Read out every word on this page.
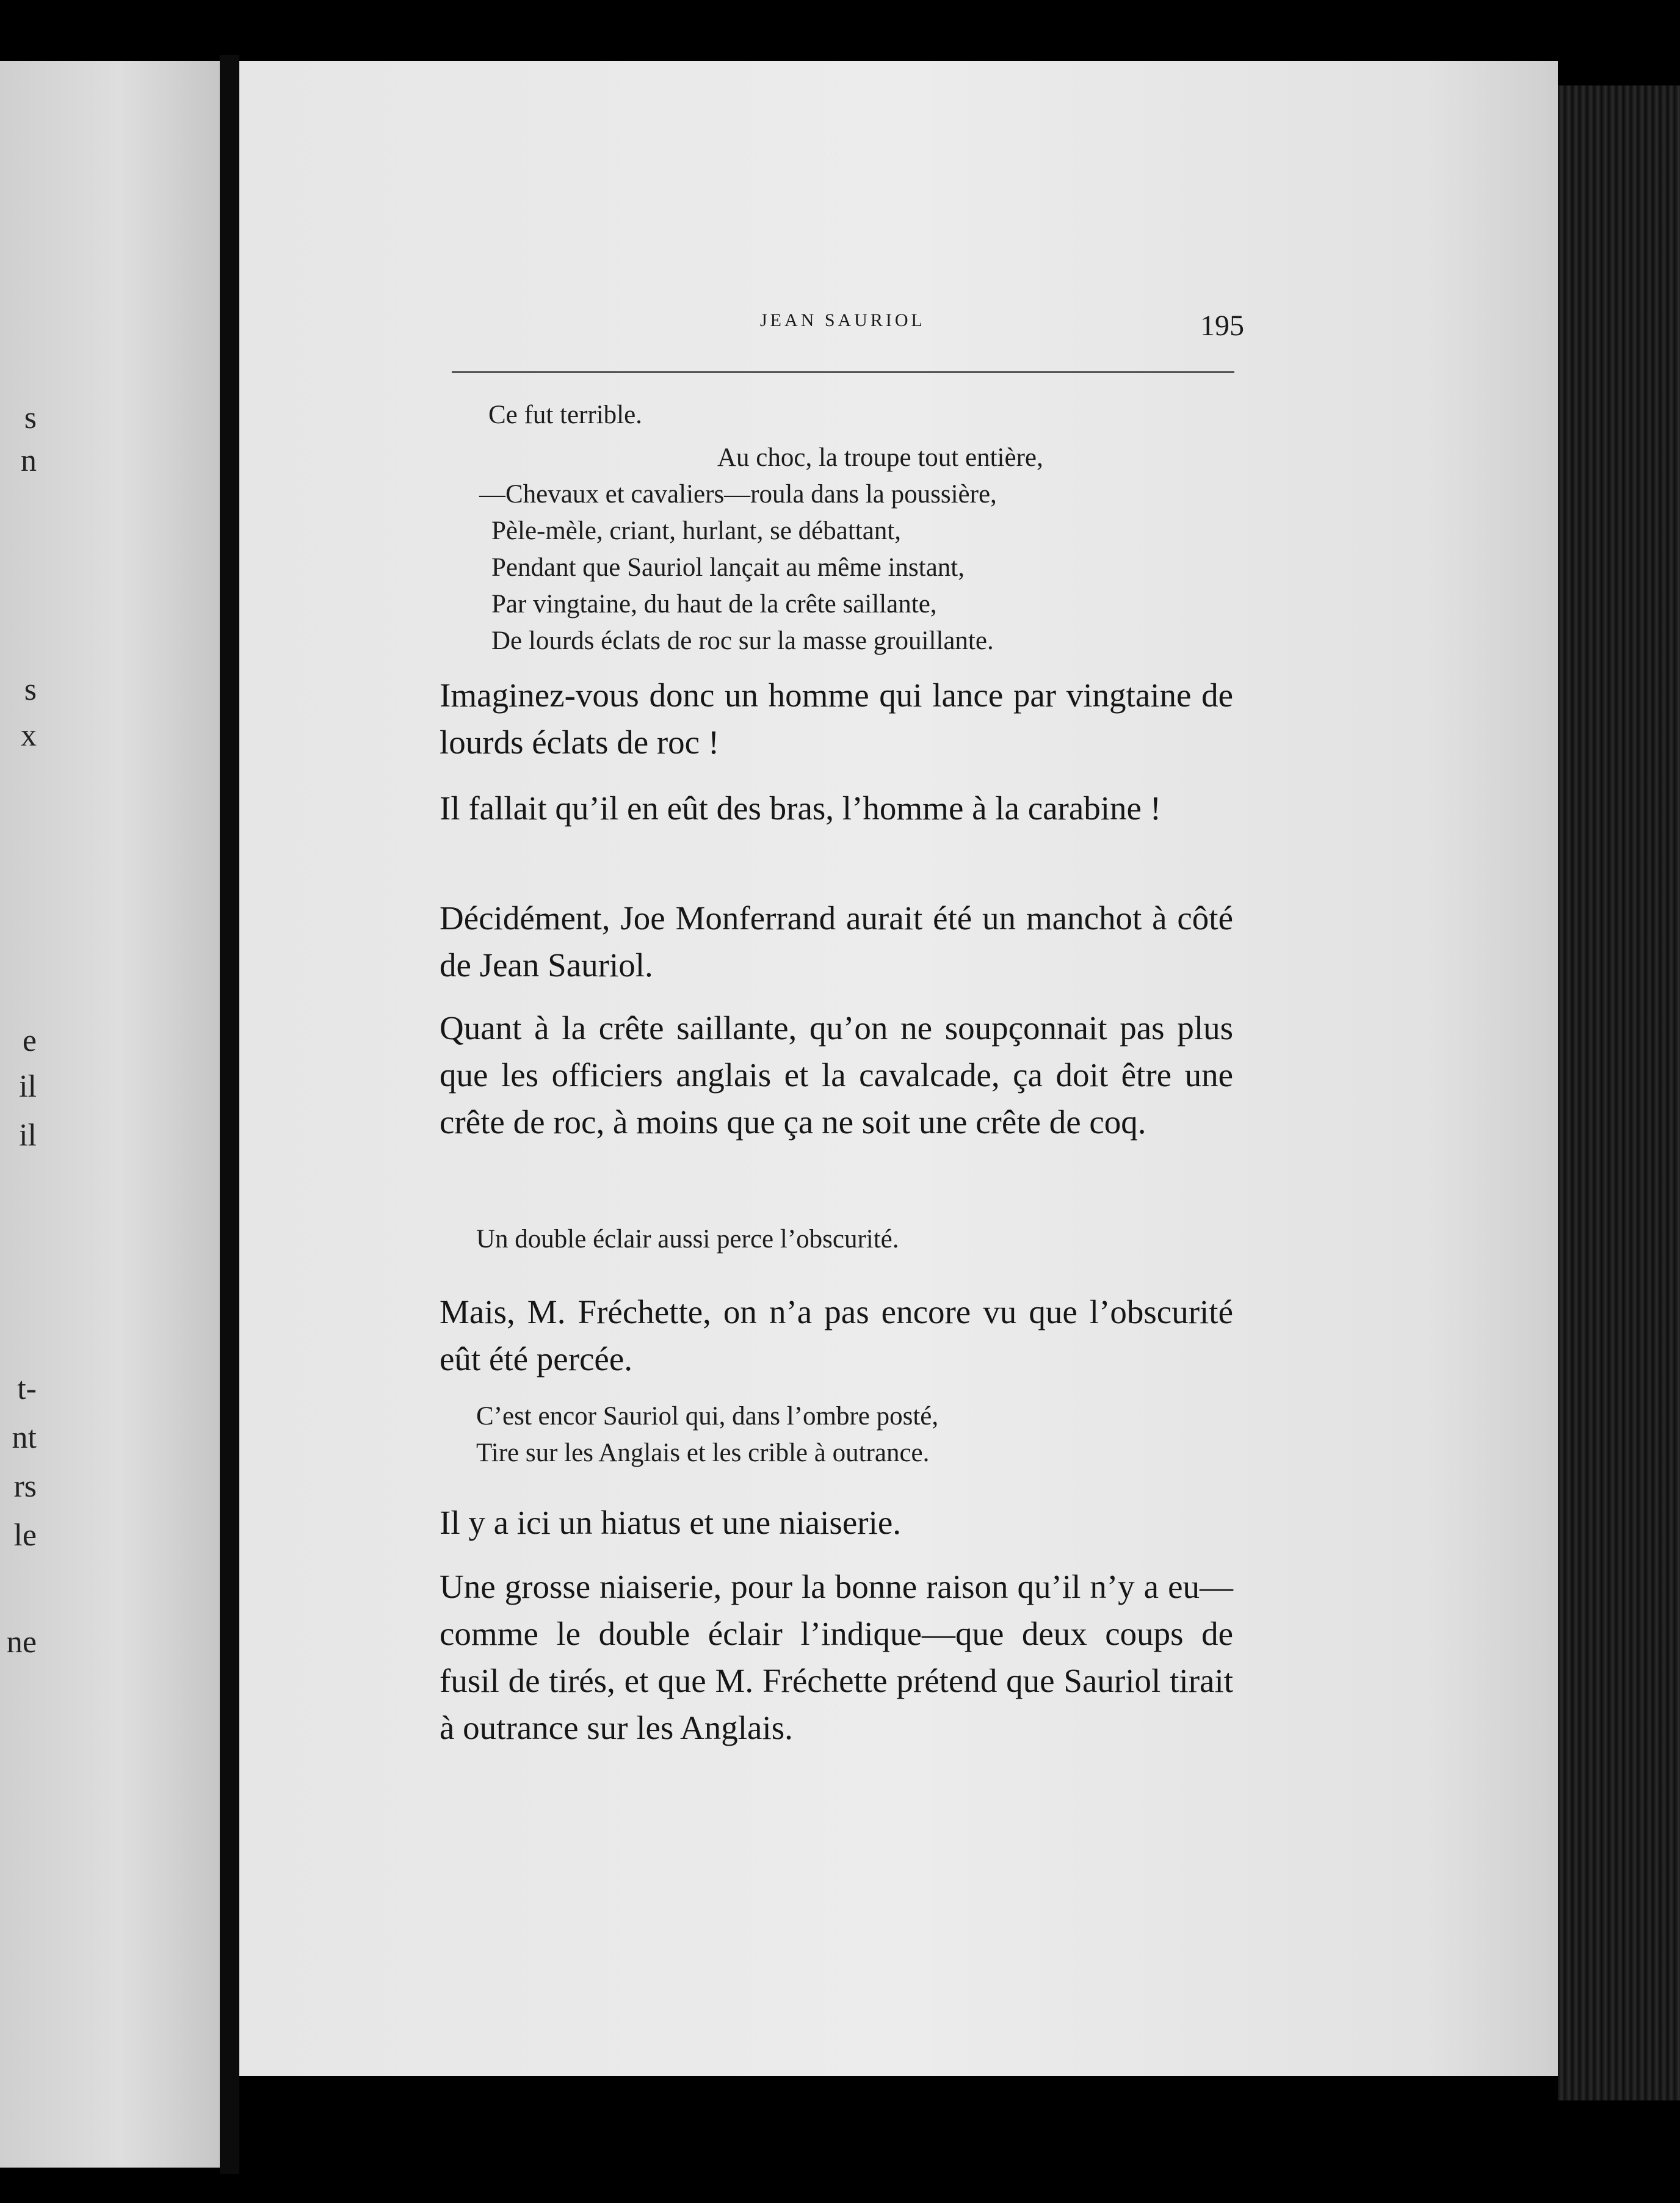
s
n
s
x
e
il
il
t-
nt
rs
le
ne
JEAN SAURIOL	195
Ce fut terrible.
Au choc, la troupe tout entière,
—Chevaux et cavaliers—roula dans la poussière,
Pèle-mèle, criant, hurlant, se débattant,
Pendant que Sauriol lançait au même instant,
Par vingtaine, du haut de la crête saillante,
De lourds éclats de roc sur la masse grouillante.
Imaginez-vous donc un homme qui lance par vingtaine de lourds éclats de roc !
Il fallait qu’il en eût des bras, l’homme à la carabine !
Décidément, Joe Monferrand aurait été un manchot à côté de Jean Sauriol.
Quant à la crête saillante, qu’on ne soupçonnait pas plus que les officiers anglais et la cavalcade, ça doit être une crête de roc, à moins que ça ne soit une crête de coq.
Un double éclair aussi perce l’obscurité.
Mais, M. Fréchette, on n’a pas encore vu que l’obscurité eût été percée.
C’est encor Sauriol qui, dans l’ombre posté,
Tire sur les Anglais et les crible à outrance.
Il y a ici un hiatus et une niaiserie.
Une grosse niaiserie, pour la bonne raison qu’il n’y a eu—comme le double éclair l’indique—que deux coups de fusil de tirés, et que M. Fréchette prétend que Sauriol tirait à outrance sur les Anglais.
